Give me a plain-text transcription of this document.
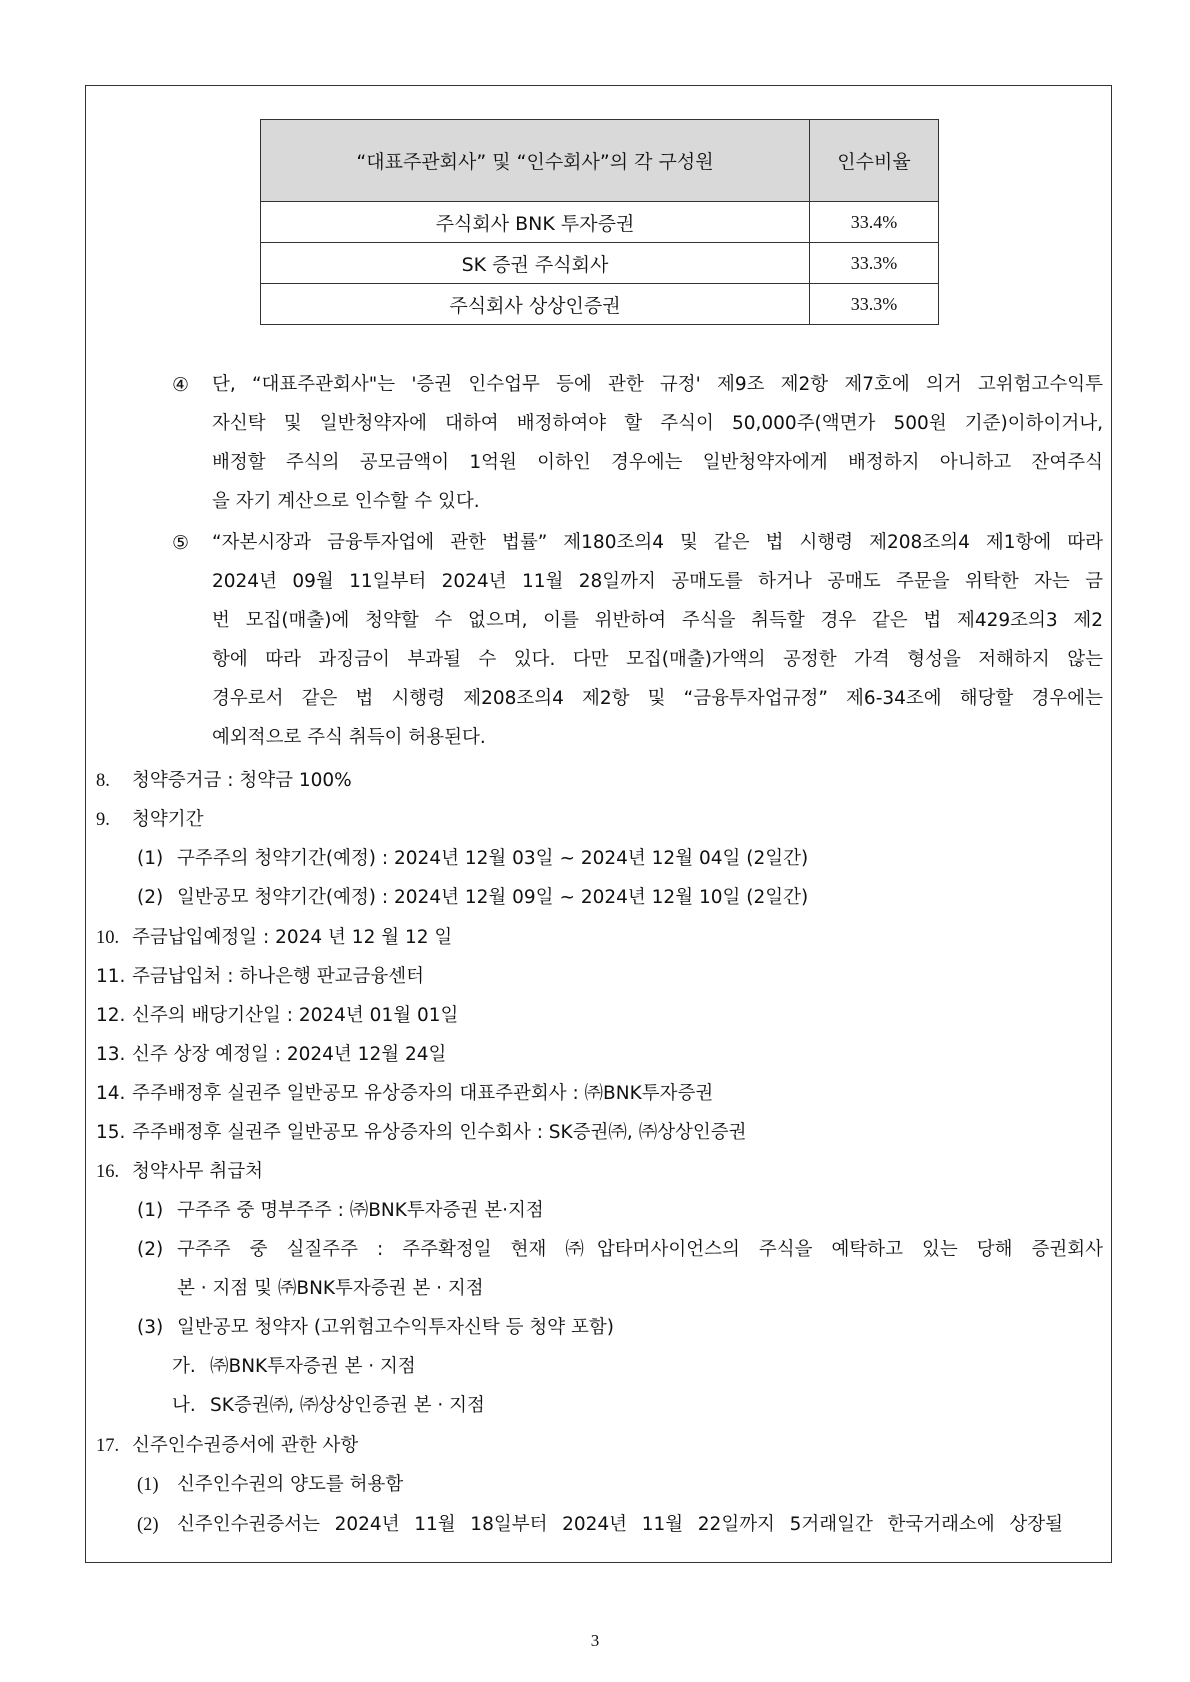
“대표주관회사” 및 “인수회사”의 각 구성원	인수비율
주식회사 BNK 투자증권	33.4%
SK 증권 주식회사	33.3%
주식회사 상상인증권	33.3%
④ 단, “대표주관회사"는 '증권 인수업무 등에 관한 규정' 제9조 제2항 제7호에 의거 고위험고수익투
자신탁 및 일반청약자에 대하여 배정하여야 할 주식이 50,000주(액면가 500원 기준)이하이거나,
배정할 주식의 공모금액이 1억원 이하인 경우에는 일반청약자에게 배정하지 아니하고 잔여주식
을 자기 계산으로 인수할 수 있다.
⑤ “자본시장과 금융투자업에 관한 법률” 제180조의4 및 같은 법 시행령 제208조의4 제1항에 따라
2024년 09월 11일부터 2024년 11월 28일까지 공매도를 하거나 공매도 주문을 위탁한 자는 금
번 모집(매출)에 청약할 수 없으며, 이를 위반하여 주식을 취득할 경우 같은 법 제429조의3 제2
항에 따라 과징금이 부과될 수 있다. 다만 모집(매출)가액의 공정한 가격 형성을 저해하지 않는
경우로서 같은 법 시행령 제208조의4 제2항 및 “금융투자업규정” 제6-34조에 해당할 경우에는
예외적으로 주식 취득이 허용된다.
8. 청약증거금 : 청약금 100%
9. 청약기간
(1) 구주주의 청약기간(예정) : 2024년 12월 03일 ~ 2024년 12월 04일 (2일간)
(2) 일반공모 청약기간(예정) : 2024년 12월 09일 ~ 2024년 12월 10일 (2일간)
10. 주금납입예정일 : 2024 년 12 월 12 일
11. 주금납입처 : 하나은행 판교금융센터
12. 신주의 배당기산일 : 2024년 01월 01일
13. 신주 상장 예정일 : 2024년 12월 24일
14. 주주배정후 실권주 일반공모 유상증자의 대표주관회사 : ㈜BNK투자증권
15. 주주배정후 실권주 일반공모 유상증자의 인수회사 : SK증권㈜, ㈜상상인증권
16. 청약사무 취급처
(1) 구주주 중 명부주주 : ㈜BNK투자증권 본·지점
(2) 구주주 중 실질주주 : 주주확정일 현재 ㈜압타머사이언스의 주식을 예탁하고 있는 당해 증권회사
본 · 지점 및 ㈜BNK투자증권 본 · 지점
(3) 일반공모 청약자 (고위험고수익투자신탁 등 청약 포함)
가. ㈜BNK투자증권 본 · 지점
나. SK증권㈜, ㈜상상인증권 본 · 지점
17. 신주인수권증서에 관한 사항
(1) 신주인수권의 양도를 허용함
(2) 신주인수권증서는 2024년 11월 18일부터 2024년 11월 22일까지 5거래일간 한국거래소에 상장될
3
